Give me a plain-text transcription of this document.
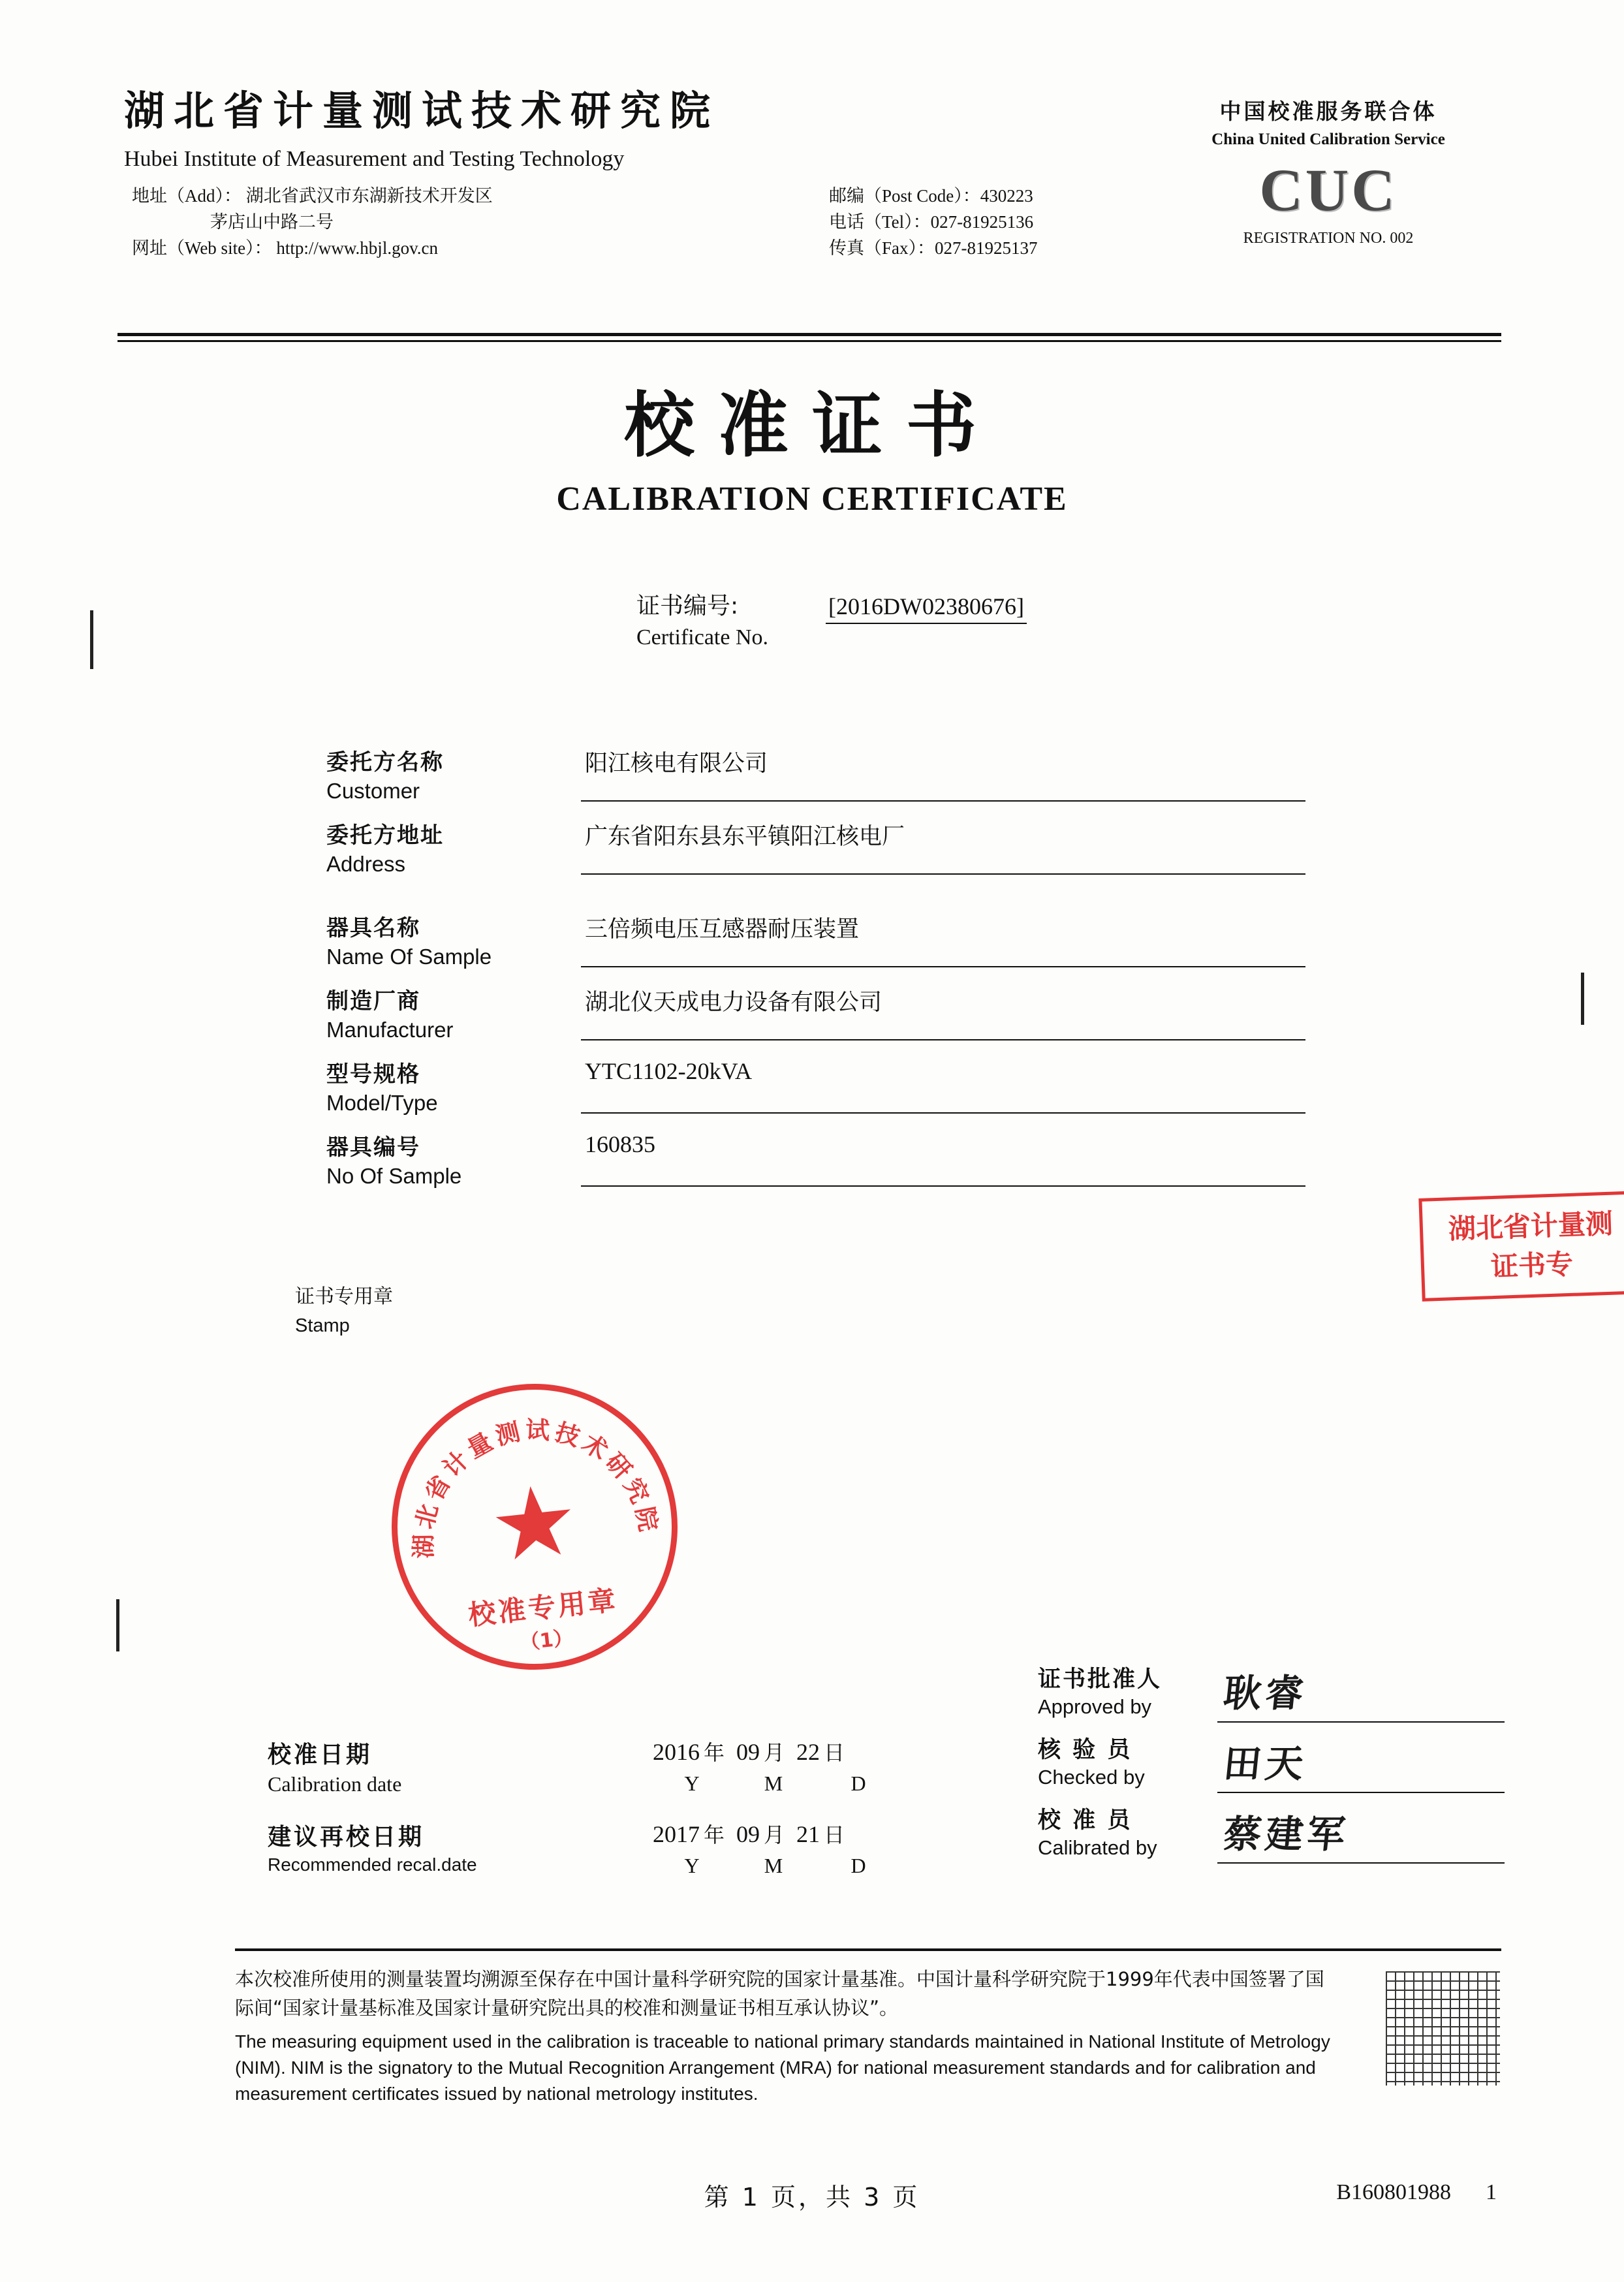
湖北省计量测试技术研究院
Hubei Institute of Measurement and Testing Technology
地址（Add）： 湖北省武汉市东湖新技术开发区
茅店山中路二号
网址（Web site）： http://www.hbjl.gov.cn
邮编（Post Code）：430223
电话（Tel）：027-81925136
传真（Fax）：027-81925137
中国校准服务联合体
China United Calibration Service
CUC
REGISTRATION NO. 002
校准证书
CALIBRATION CERTIFICATE
证书编号:
Certificate No.
[2016DW02380676]
委托方名称
Customer
阳江核电有限公司
委托方地址
Address
广东省阳东县东平镇阳江核电厂
器具名称
Name Of Sample
三倍频电压互感器耐压装置
制造厂商
Manufacturer
湖北仪天成电力设备有限公司
型号规格
Model/Type
YTC1102-20kVA
器具编号
No Of Sample
160835
证书专用章
Stamp
湖北省计量测试技术研究院
★
校准专用章
（1）
湖北省计量测
证书专
校准日期
Calibration date
2016 年 09 月 22 日
Y	M	D
建议再校日期
Recommended recal.date
2017 年 09 月 21 日
Y	M	D
证书批准人
Approved by	耿睿
核 验 员
Checked by	田天
校 准 员
Calibrated by	蔡建军
本次校准所使用的测量装置均溯源至保存在中国计量科学研究院的国家计量基准。中国计量科学研究院于1999年代表中国签署了国际间“国家计量基标准及国家计量研究院出具的校准和测量证书相互承认协议”。
The measuring equipment used in the calibration is traceable to national primary standards maintained in National Institute of Metrology (NIM). NIM is the signatory to the Mutual Recognition Arrangement (MRA) for national measurement standards and for calibration and measurement certificates issued by national metrology institutes.
第 1 页，共 3 页	B160801988 1
